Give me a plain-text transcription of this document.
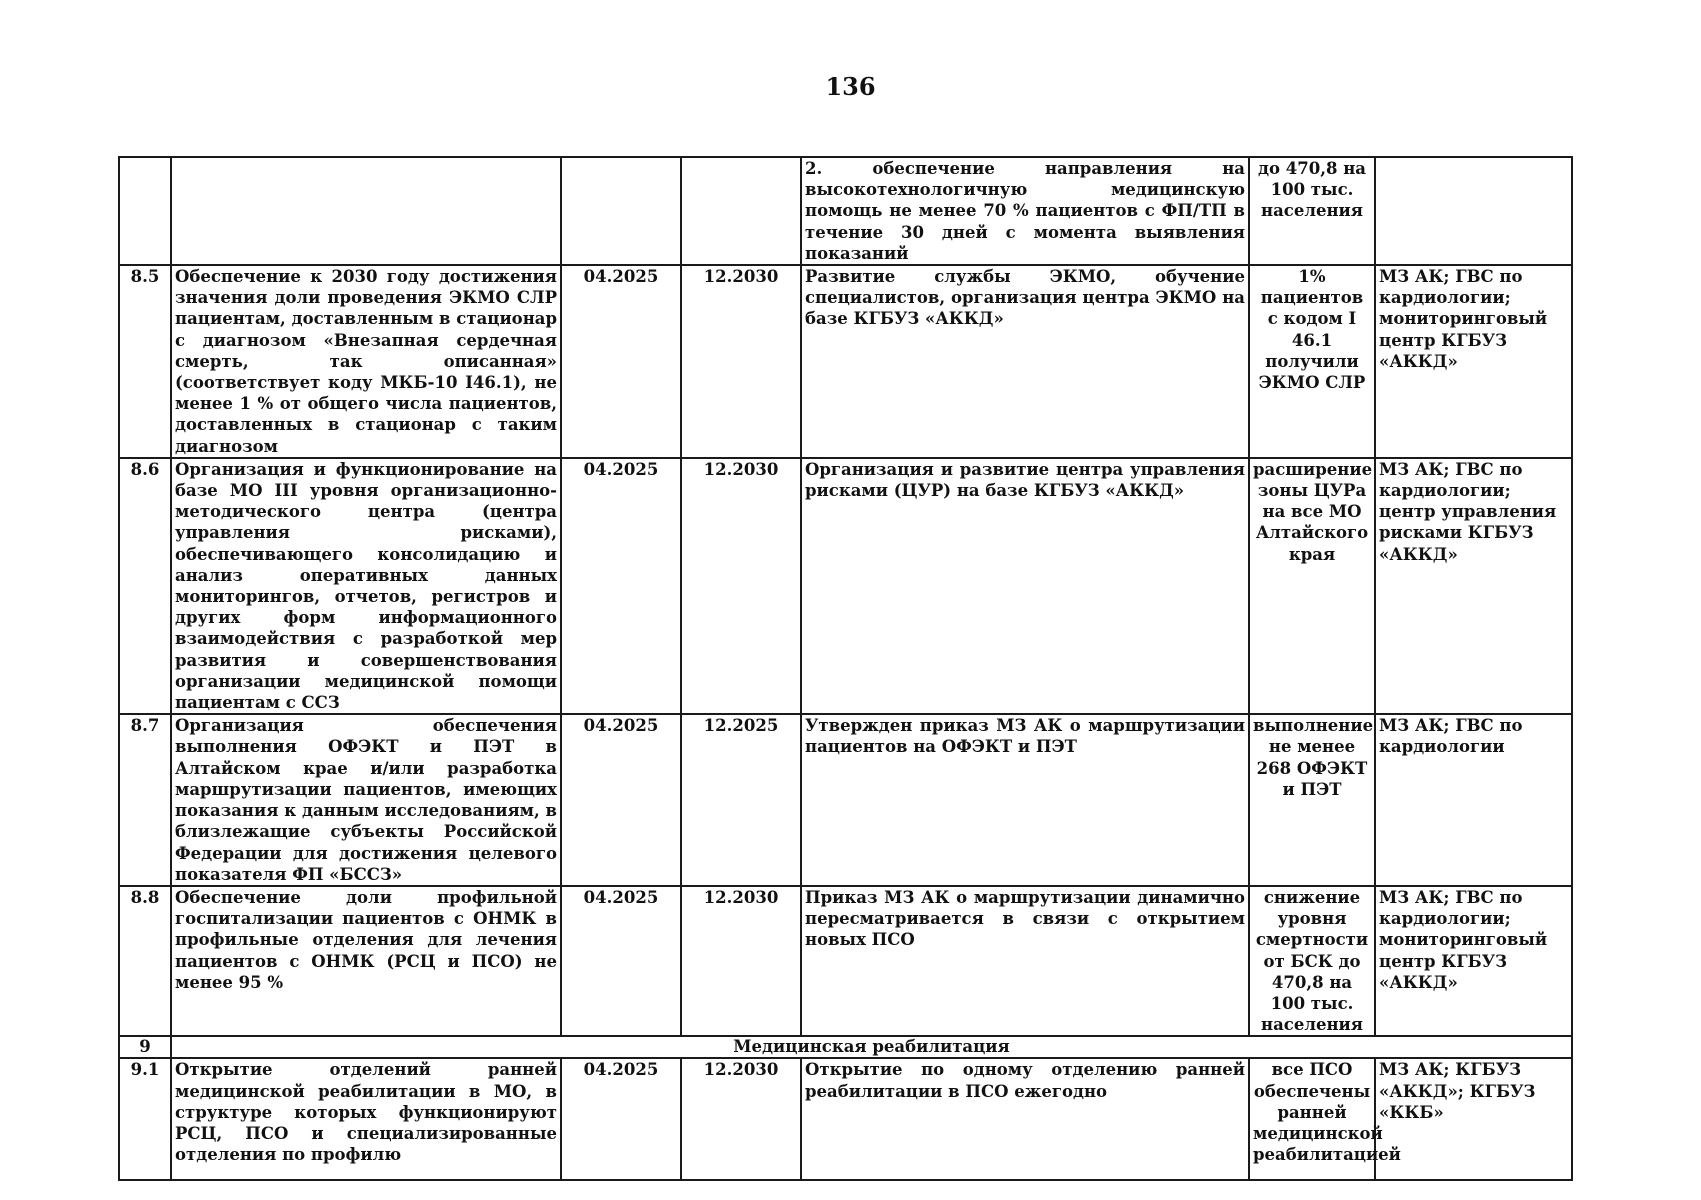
136
				2. обеспечение направления на высокотехнологичную медицинскую помощь не менее 70 % пациентов с ФП/ТП в течение 30 дней с момента выявления показаний	до 470,8 на 100 тыс. населения	
8.5	Обеспечение к 2030 году достижения значения доли проведения ЭКМО СЛР пациентам, доставленным в стационар с диагнозом «Внезапная сердечная смерть, так описанная» (соответствует коду МКБ-10 I46.1), не менее 1 % от общего числа пациентов, доставленных в стационар с таким диагнозом	04.2025	12.2030	Развитие службы ЭКМО, обучение специалистов, организация центра ЭКМО на базе КГБУЗ «АККД»	1% пациентов с кодом I 46.1 получили ЭКМО СЛР	МЗ АК; ГВС по кардиологии; мониторинговый центр КГБУЗ «АККД»
8.6	Организация и функционирование на базе МО III уровня организационно-методического центра (центра управления рисками), обеспечивающего консолидацию и анализ оперативных данных мониторингов, отчетов, регистров и других форм информационного взаимодействия с разработкой мер развития и совершенствования организации медицинской помощи пациентам с ССЗ	04.2025	12.2030	Организация и развитие центра управления рисками (ЦУР) на базе КГБУЗ «АККД»	расширение зоны ЦУРа на все МО Алтайского края	МЗ АК; ГВС по кардиологии; центр управления рисками КГБУЗ «АККД»
8.7	Организация обеспечения выполнения ОФЭКТ и ПЭТ в Алтайском крае и/или разработка маршрутизации пациентов, имеющих показания к данным исследованиям, в близлежащие субъекты Российской Федерации для достижения целевого показателя ФП «БССЗ»	04.2025	12.2025	Утвержден приказ МЗ АК о маршрутизации пациентов на ОФЭКТ и ПЭТ	выполнение не менее 268 ОФЭКТ и ПЭТ	МЗ АК; ГВС по кардиологии
8.8	Обеспечение доли профильной госпитализации пациентов с ОНМК в профильные отделения для лечения пациентов с ОНМК (РСЦ и ПСО) не менее 95 %	04.2025	12.2030	Приказ МЗ АК о маршрутизации динамично пересматривается в связи с открытием новых ПСО	снижение уровня смертности от БСК до 470,8 на 100 тыс. населения	МЗ АК; ГВС по кардиологии; мониторинговый центр КГБУЗ «АККД»
9	Медицинская реабилитация					
9.1	Открытие отделений ранней медицинской реабилитации в МО, в структуре которых функционируют РСЦ, ПСО и специализированные отделения по профилю	04.2025	12.2030	Открытие по одному отделению ранней реабилитации в ПСО ежегодно	все ПСО обеспечены ранней медицинской реабилитацией	МЗ АК; КГБУЗ «АККД»; КГБУЗ «ККБ»
